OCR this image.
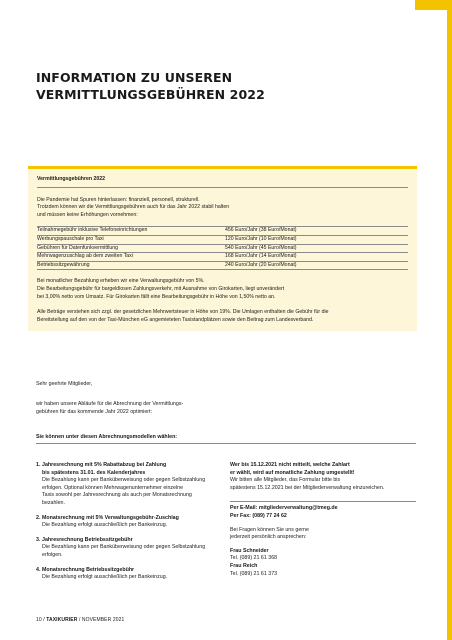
INFORMATION ZU UNSEREN
VERMITTLUNGSGEBÜHREN 2022
Vermittlungsgebühren 2022
Die Pandemie hat Spuren hinterlassen: finanziell, personell, strukturell.
Trotzdem können wir die Vermittlungsgebühren auch für das Jahr 2022 stabil halten
und müssen keine Erhöhungen vornehmen:
Teilnahmegebühr inklusive Telefoneinrichtungen	456 Euro/Jahr (38 Euro/Monat)
Werbungspauschale pro Taxi	120 Euro/Jahr (10 Euro/Monat)
Gebühren für Datenfunkvermittlung	540 Euro/Jahr (45 Euro/Monat)
Mehrwagenzuschlag ab dem zweiten Taxi	168 Euro/Jahr (14 Euro/Monat)
Betriebssitzgewährung	240 Euro/Jahr (20 Euro/Monat)
Bei monatlicher Bezahlung erheben wir eine Verwaltungsgebühr von 5%.
Die Bearbeitungsgebühr für bargeldlosen Zahlungsverkehr, mit Ausnahme von Girokarten, liegt unverändert
bei 3,00% netto vom Umsatz. Für Girokarten fällt eine Bearbeitungsgebühr in Höhe von 1,50% netto an.
Alle Beträge verstehen sich zzgl. der gesetzlichen Mehrwertsteuer in Höhe von 19%. Die Umlagen enthalten die Gebühr für die
Bereitstellung auf den von der Taxi-München eG angemieteten Taxistandplätzen sowie den Beitrag zum Landesverband.
Sehr geehrte Mitglieder,
wir haben unsere Abläufe für die Abrechnung der Vermittlungs-
gebühren für das kommende Jahr 2022 optimiert:
Sie können unter diesen Abrechnungsmodellen wählen:
1. Jahresrechnung mit 5% Rabattabzug bei Zahlung
bis spätestens 31.01. des Kalenderjahres
Die Bezahlung kann per Banküberweisung oder gegen Selbstzahlung
erfolgen. Optional können Mehrwagenunternehmer einzelne
Taxis sowohl per Jahresrechnung als auch per Monatsrechnung
bezahlen.
2. Monatsrechnung mit 5% Verwaltungsgebühr-Zuschlag
Die Bezahlung erfolgt ausschließlich per Bankeinzug.
3. Jahresrechnung Betriebssitzgebühr
Die Bezahlung kann per Banküberweisung oder gegen Selbstzahlung
erfolgen.
4. Monatsrechnung Betriebssitzgebühr
Die Bezahlung erfolgt ausschließlich per Bankeinzug.
Wer bis 15.12.2021 nicht mitteilt, welche Zahlart
er wählt, wird auf monatliche Zahlung umgestellt!
Wir bitten alle Mitglieder, das Formular bitte bis
spätestens 15.12.2021 bei der Mitgliederverwaltung einzureichen.
Per E-Mail: mitgliederverwaltung@tmeg.de
Per Fax: (089) 77 24 62
Bei Fragen können Sie uns gerne
jederzeit persönlich ansprechen:
Frau Schneider
Tel. (089) 21 61 368
Frau Reich
Tel. (089) 21 61 373
10 / TAXIKURIER / NOVEMBER 2021
